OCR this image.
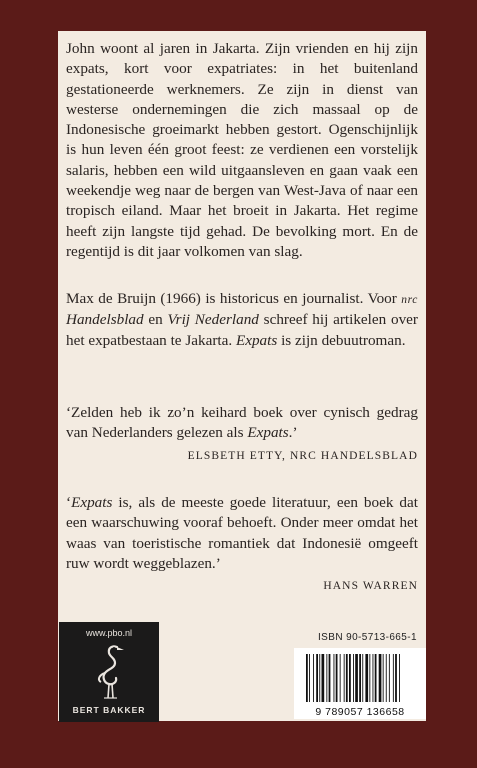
John woont al jaren in Jakarta. Zijn vrienden en hij zijn expats, kort voor expatriates: in het buitenland gestationeerde werknemers. Ze zijn in dienst van westerse ondernemingen die zich massaal op de Indonesische groeimarkt hebben gestort. Ogenschijnlijk is hun leven één groot feest: ze verdienen een vorstelijk salaris, hebben een wild uitgaansleven en gaan vaak een weekendje weg naar de bergen van West-Java of naar een tropisch eiland. Maar het broeit in Jakarta. Het regime heeft zijn langste tijd gehad. De bevolking mort. En de regentijd is dit jaar volkomen van slag.

Max de Bruijn (1966) is historicus en journalist. Voor nrc Handelsblad en Vrij Nederland schreef hij artikelen over het expatbestaan te Jakarta. Expats is zijn debuutroman.

‘Zelden heb ik zo’n keihard boek over cynisch gedrag van Nederlanders gelezen als Expats.’

ELSBETH ETTY, NRC HANDELSBLAD

‘Expats is, als de meeste goede literatuur, een boek dat een waarschuwing vooraf behoeft. Onder meer omdat het waas van toeristische romantiek dat Indonesië omgeeft ruw wordt weggeblazen.’

HANS WARREN
www.pbo.nl
BERT BAKKER
ISBN 90-5713-665-1
9 789057 136658
